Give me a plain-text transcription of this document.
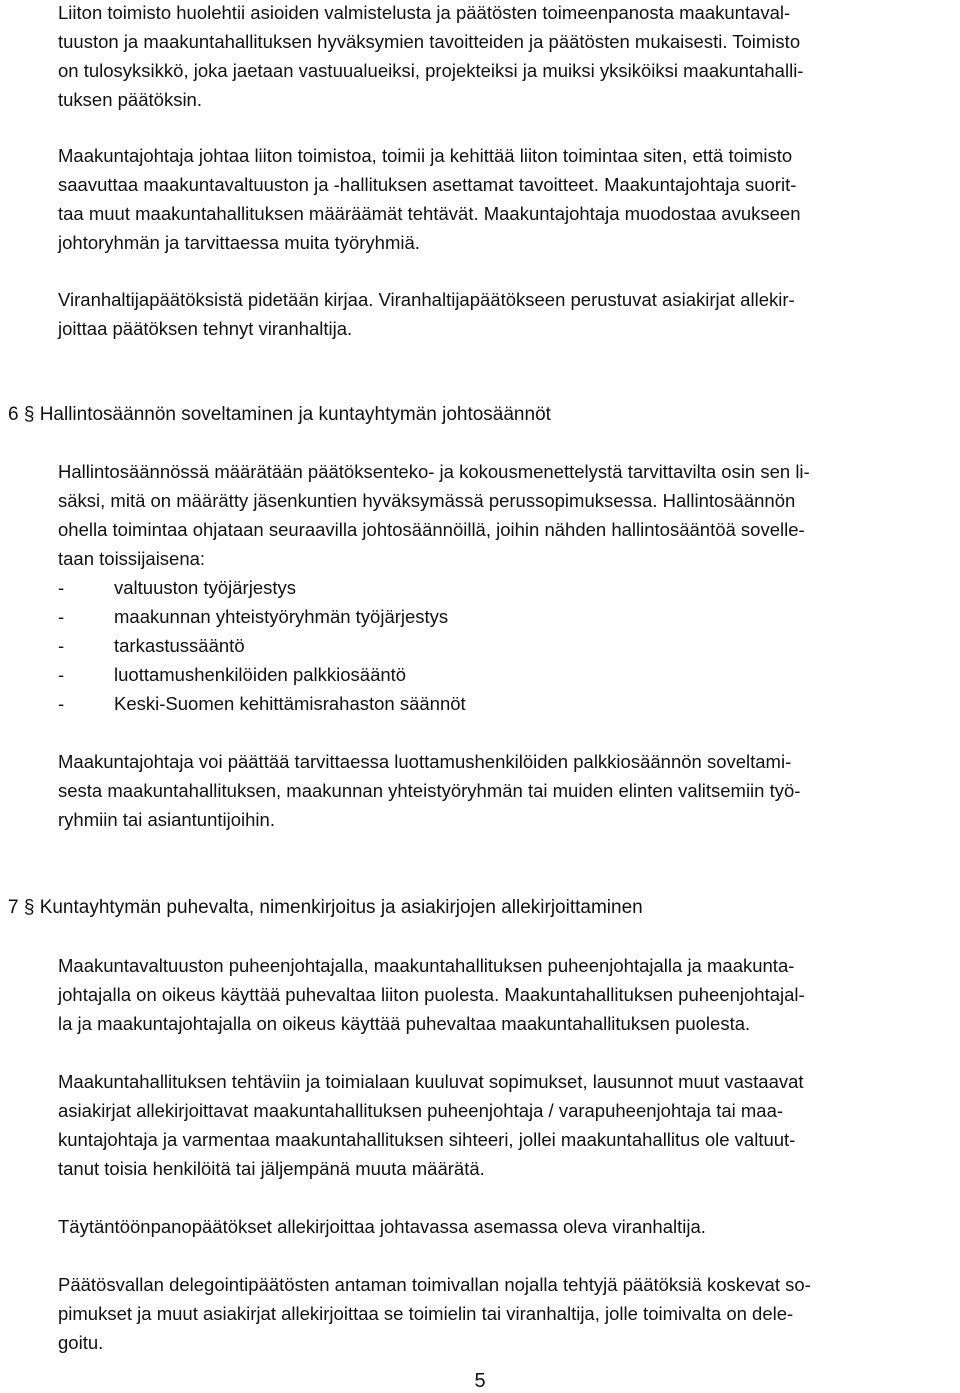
Liiton toimisto huolehtii asioiden valmistelusta ja päätösten toimeenpanosta maakuntaval-
tuuston ja maakuntahallituksen hyväksymien tavoitteiden ja päätösten mukaisesti. Toimisto
on tulosyksikkö, joka jaetaan vastuualueiksi, projekteiksi ja muiksi yksiköiksi maakuntahalli-
tuksen päätöksin.
Maakuntajohtaja johtaa liiton toimistoa, toimii ja kehittää liiton toimintaa siten, että toimisto
saavuttaa maakuntavaltuuston ja -hallituksen asettamat tavoitteet. Maakuntajohtaja suorit-
taa muut maakuntahallituksen määräämät tehtävät. Maakuntajohtaja muodostaa avukseen
johtoryhmän ja tarvittaessa muita työryhmiä.
Viranhaltijapäätöksistä pidetään kirjaa. Viranhaltijapäätökseen perustuvat asiakirjat allekir-
joittaa päätöksen tehnyt viranhaltija.
6 § Hallintosäännön soveltaminen ja kuntayhtymän johtosäännöt
Hallintosäännössä määrätään päätöksenteko- ja kokousmenettelystä tarvittavilta osin sen li-
säksi, mitä on määrätty jäsenkuntien hyväksymässä perussopimuksessa. Hallintosäännön
ohella toimintaa ohjataan seuraavilla johtosäännöillä, joihin nähden hallintosääntöä sovelle-
taan toissijaisena:
-	valtuuston työjärjestys
-	maakunnan yhteistyöryhmän työjärjestys
-	tarkastussääntö
-	luottamushenkilöiden palkkiosääntö
-	Keski-Suomen kehittämisrahaston säännöt
Maakuntajohtaja voi päättää tarvittaessa luottamushenkilöiden palkkiosäännön soveltami-
sesta maakuntahallituksen, maakunnan yhteistyöryhmän tai muiden elinten valitsemiin työ-
ryhmiin tai asiantuntijoihin.
7 § Kuntayhtymän puhevalta, nimenkirjoitus ja asiakirjojen allekirjoittaminen
Maakuntavaltuuston puheenjohtajalla, maakuntahallituksen puheenjohtajalla ja maakunta-
johtajalla on oikeus käyttää puhevaltaa liiton puolesta. Maakuntahallituksen puheenjohtajal-
la ja maakuntajohtajalla on oikeus käyttää puhevaltaa maakuntahallituksen puolesta.
Maakuntahallituksen tehtäviin ja toimialaan kuuluvat sopimukset, lausunnot muut vastaavat
asiakirjat allekirjoittavat maakuntahallituksen puheenjohtaja / varapuheenjohtaja tai maa-
kuntajohtaja ja varmentaa maakuntahallituksen sihteeri, jollei maakuntahallitus ole valtuut-
tanut toisia henkilöitä tai jäljempänä muuta määrätä.
Täytäntöönpanopäätökset allekirjoittaa johtavassa asemassa oleva viranhaltija.
Päätösvallan delegointipäätösten antaman toimivallan nojalla tehtyjä päätöksiä koskevat so-
pimukset ja muut asiakirjat allekirjoittaa se toimielin tai viranhaltija, jolle toimivalta on dele-
goitu.
5
